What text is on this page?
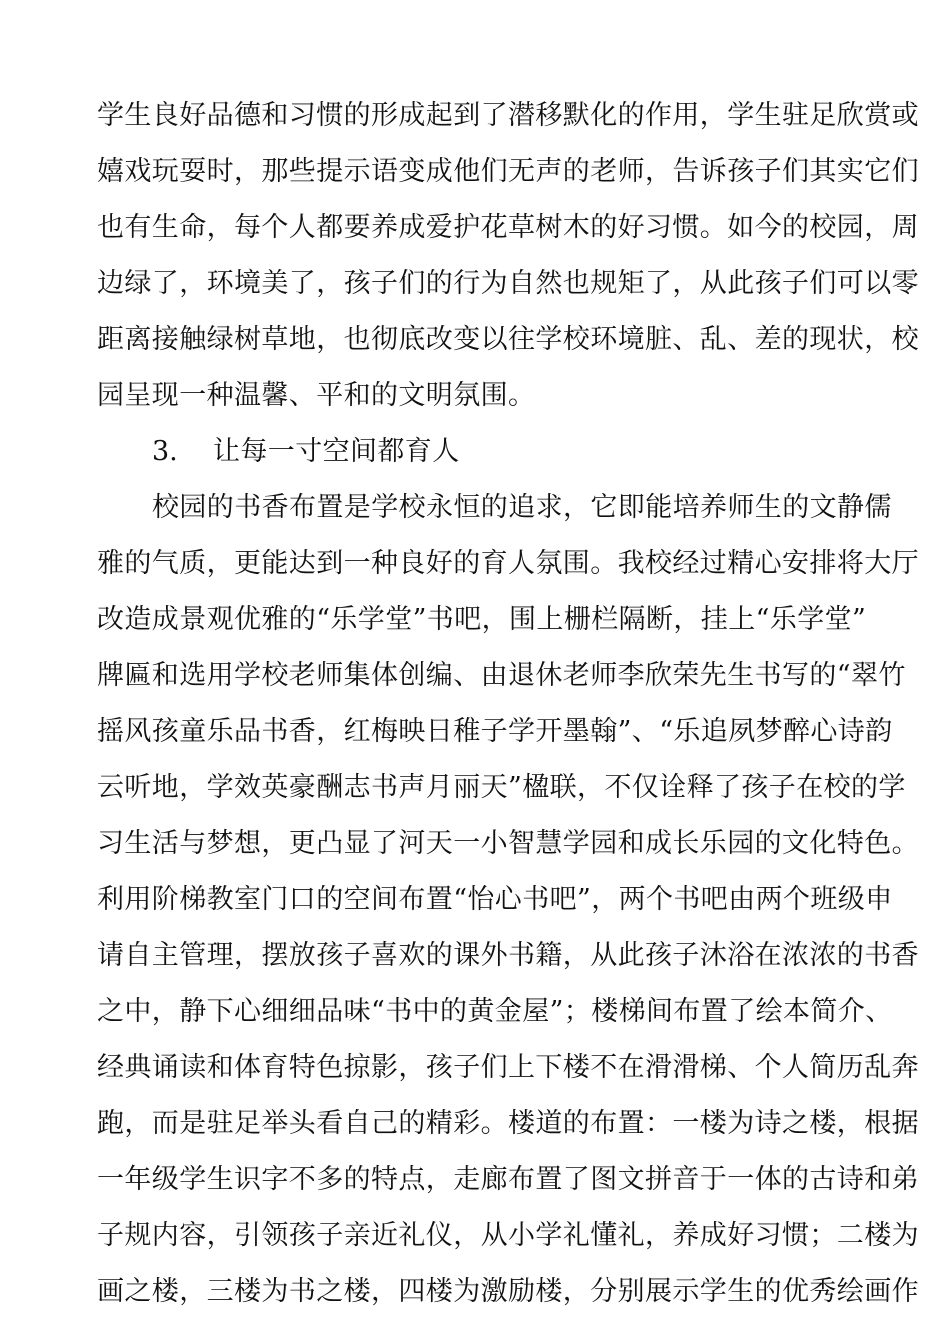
学生良好品德和习惯的形成起到了潜移默化的作用，学生驻足欣赏或
嬉戏玩耍时，那些提示语变成他们无声的老师，告诉孩子们其实它们
也有生命，每个人都要养成爱护花草树木的好习惯。如今的校园，周
边绿了，环境美了，孩子们的行为自然也规矩了，从此孩子们可以零
距离接触绿树草地，也彻底改变以往学校环境脏、乱、差的现状，校
园呈现一种温馨、平和的文明氛围。
3.	让每一寸空间都育人
校园的书香布置是学校永恒的追求，它即能培养师生的文静儒
雅的气质，更能达到一种良好的育人氛围。我校经过精心安排将大厅
改造成景观优雅的“乐学堂”书吧，围上栅栏隔断，挂上“乐学堂”
牌匾和选用学校老师集体创编、由退休老师李欣荣先生书写的“翠竹
摇风孩童乐品书香，红梅映日稚子学开墨翰”、“乐追夙梦醉心诗韵
云听地，学效英豪酬志书声月丽天”楹联，不仅诠释了孩子在校的学
习生活与梦想，更凸显了河天一小智慧学园和成长乐园的文化特色。
利用阶梯教室门口的空间布置“怡心书吧”，两个书吧由两个班级申
请自主管理，摆放孩子喜欢的课外书籍，从此孩子沐浴在浓浓的书香
之中，静下心细细品味“书中的黄金屋”；楼梯间布置了绘本简介、
经典诵读和体育特色掠影，孩子们上下楼不在滑滑梯、个人简历乱奔
跑，而是驻足举头看自己的精彩。楼道的布置：一楼为诗之楼，根据
一年级学生识字不多的特点，走廊布置了图文拼音于一体的古诗和弟
子规内容，引领孩子亲近礼仪，从小学礼懂礼，养成好习惯；二楼为
画之楼，三楼为书之楼，四楼为激励楼，分别展示学生的优秀绘画作
